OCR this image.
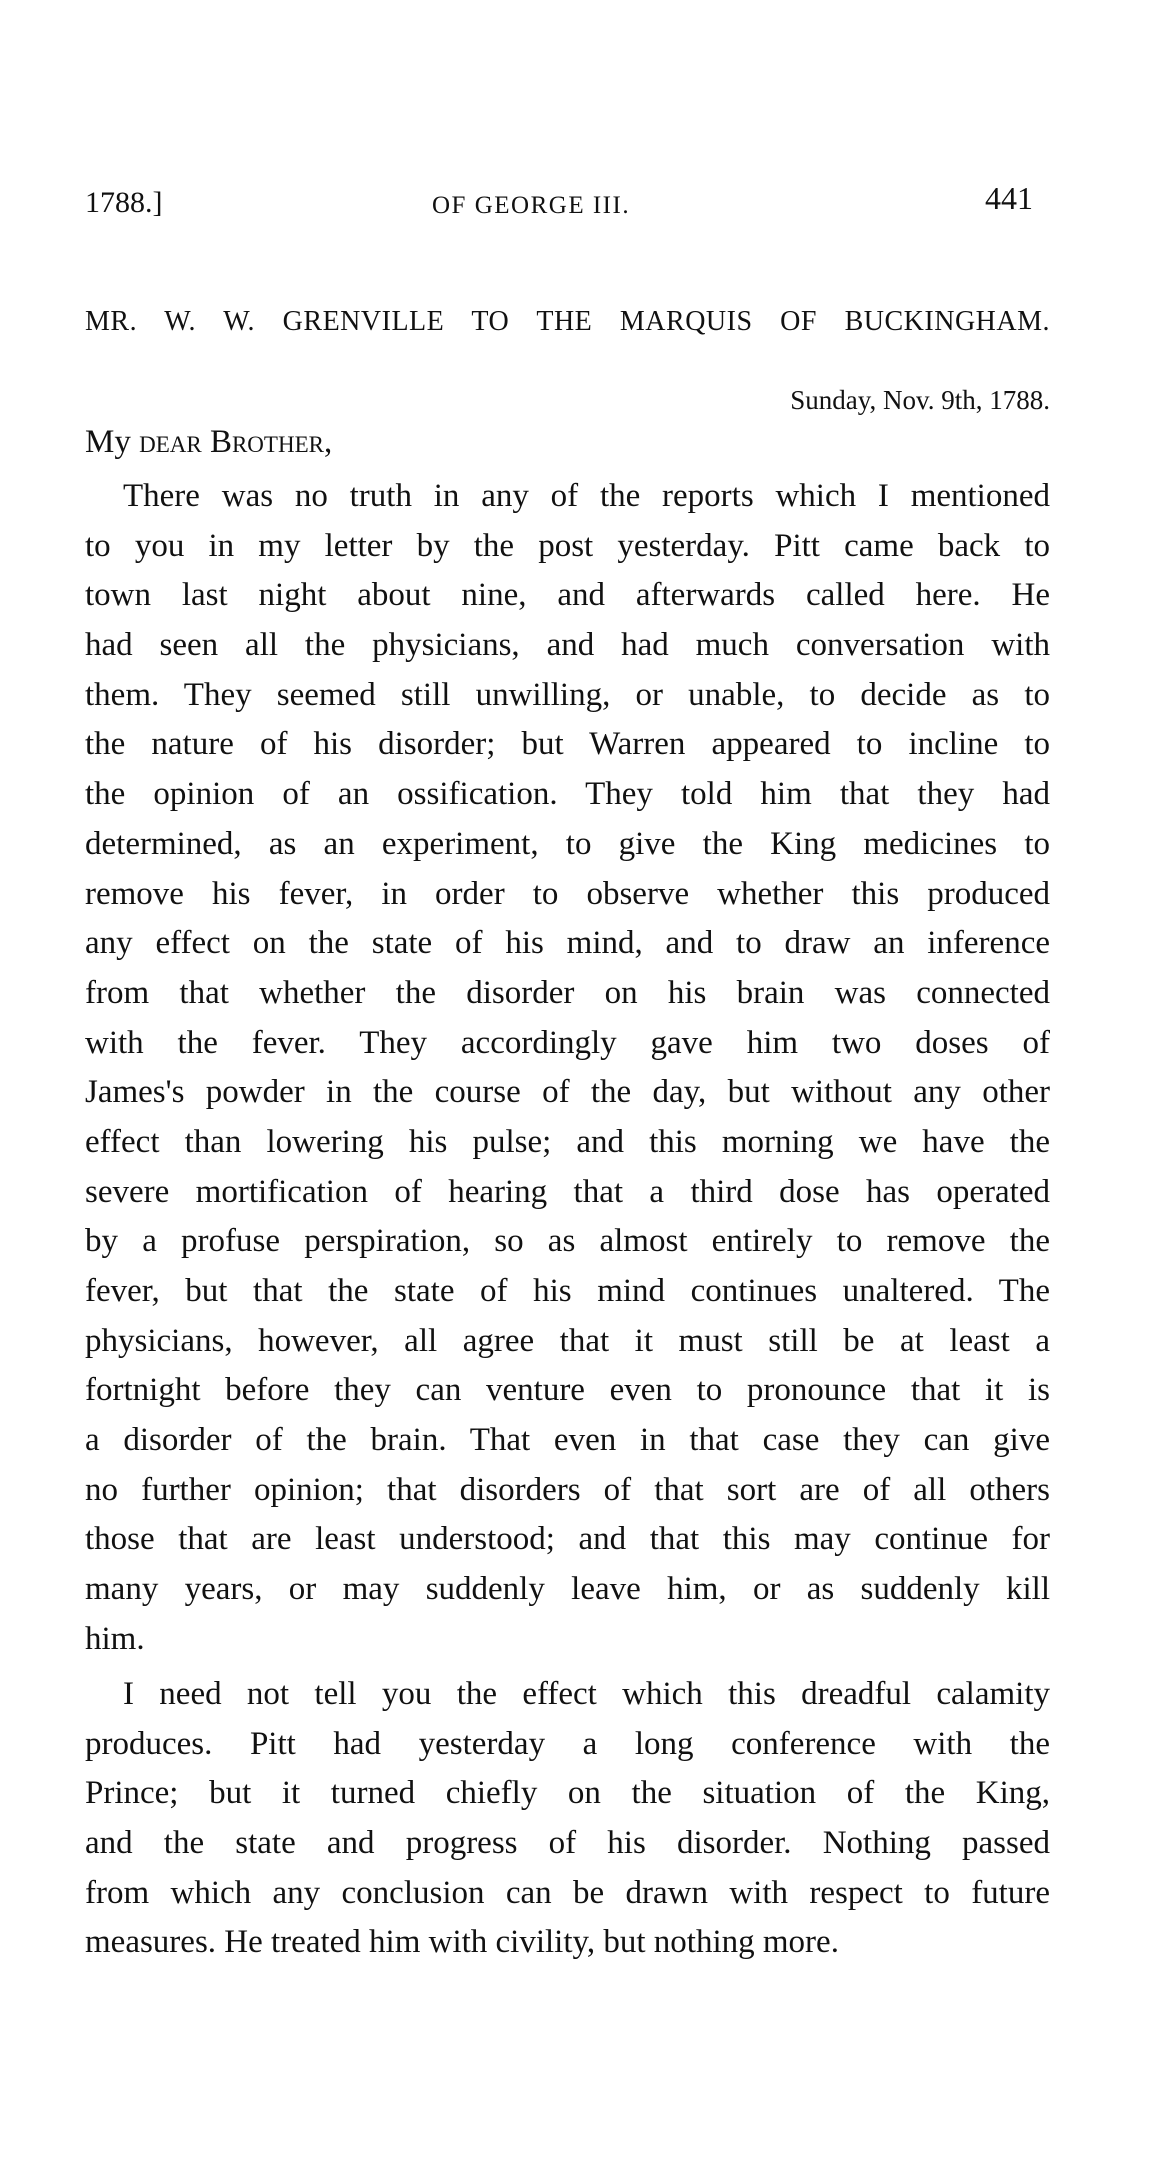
1788.]	OF GEORGE III.	441
MR. W. W. GRENVILLE TO THE MARQUIS OF BUCKINGHAM.
Sunday, Nov. 9th, 1788.
My dear Brother,
There was no truth in any of the reports which I mentioned
to you in my letter by the post yesterday. Pitt came back to
town last night about nine, and afterwards called here. He
had seen all the physicians, and had much conversation with
them. They seemed still unwilling, or unable, to decide as to
the nature of his disorder; but Warren appeared to incline to
the opinion of an ossification. They told him that they had
determined, as an experiment, to give the King medicines to
remove his fever, in order to observe whether this produced
any effect on the state of his mind, and to draw an inference
from that whether the disorder on his brain was connected
with the fever. They accordingly gave him two doses of
James's powder in the course of the day, but without any other
effect than lowering his pulse; and this morning we have the
severe mortification of hearing that a third dose has operated
by a profuse perspiration, so as almost entirely to remove the
fever, but that the state of his mind continues unaltered. The
physicians, however, all agree that it must still be at least a
fortnight before they can venture even to pronounce that it is
a disorder of the brain. That even in that case they can give
no further opinion; that disorders of that sort are of all others
those that are least understood; and that this may continue for
many years, or may suddenly leave him, or as suddenly kill
him.
I need not tell you the effect which this dreadful calamity
produces. Pitt had yesterday a long conference with the
Prince; but it turned chiefly on the situation of the King,
and the state and progress of his disorder. Nothing passed
from which any conclusion can be drawn with respect to future
measures. He treated him with civility, but nothing more.
